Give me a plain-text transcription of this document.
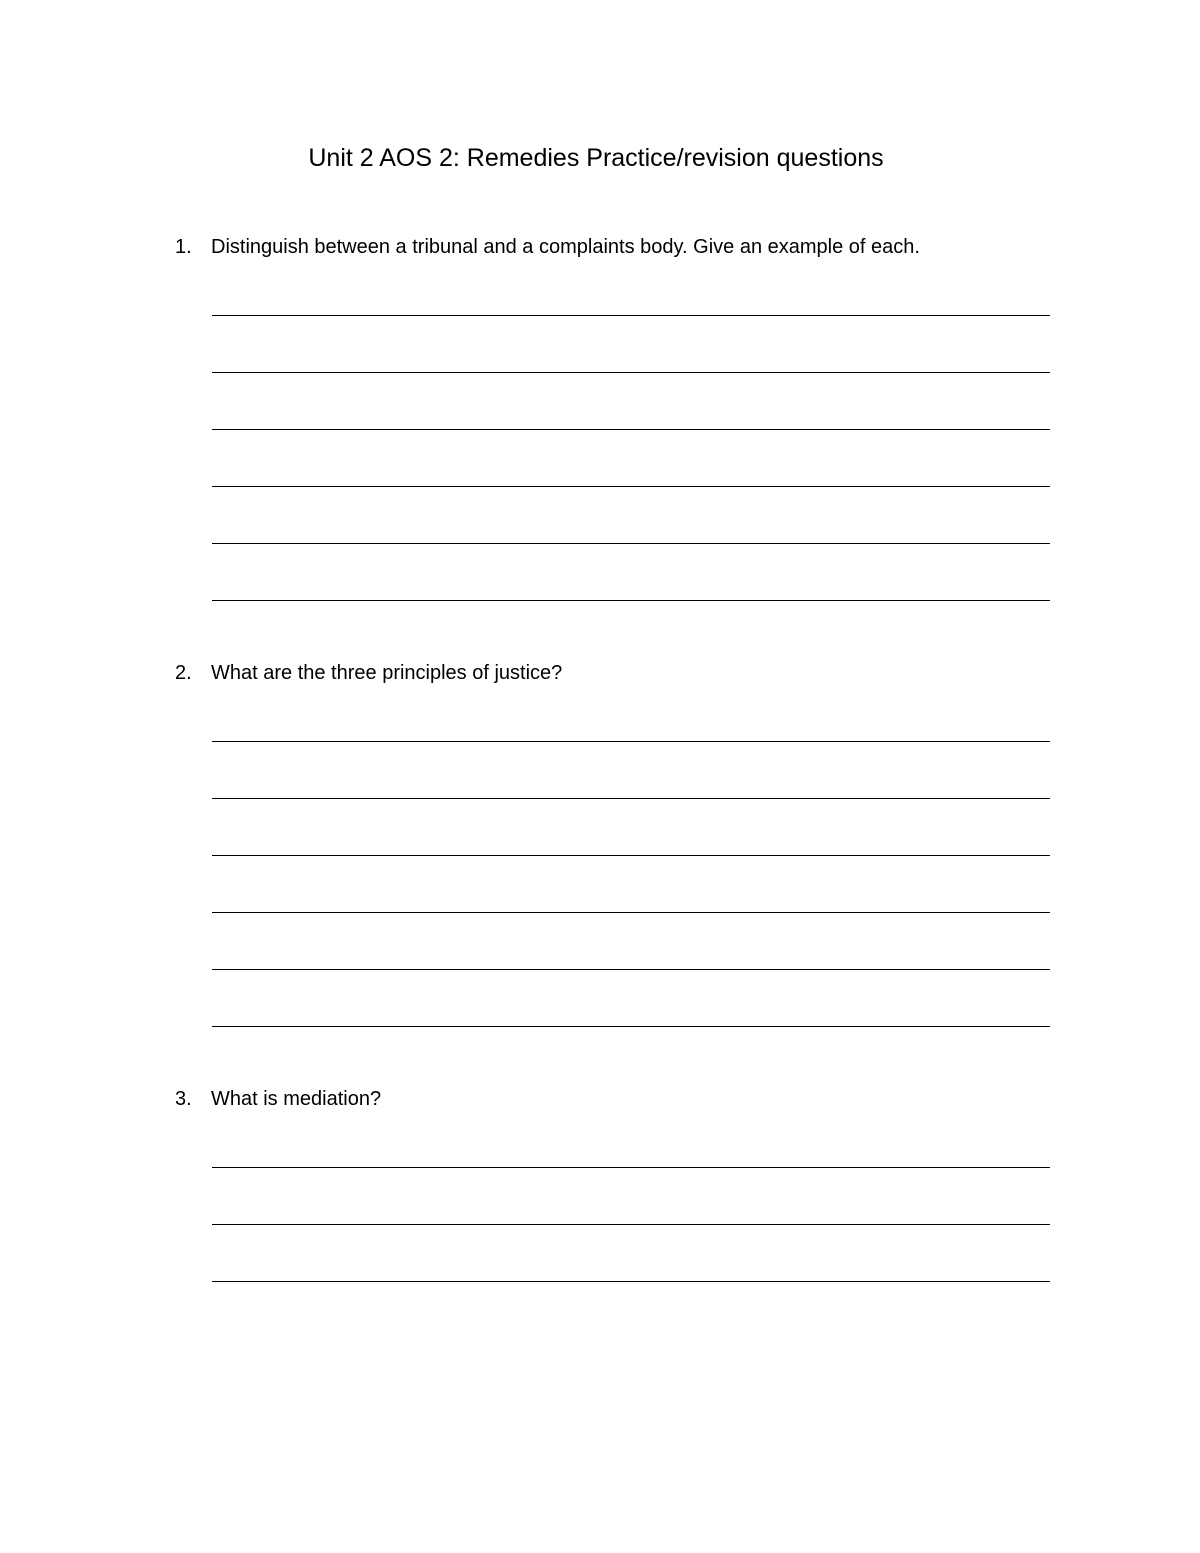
Unit 2 AOS 2: Remedies Practice/revision questions
1. Distinguish between a tribunal and a complaints body. Give an example of each.
2. What are the three principles of justice?
3. What is mediation?
